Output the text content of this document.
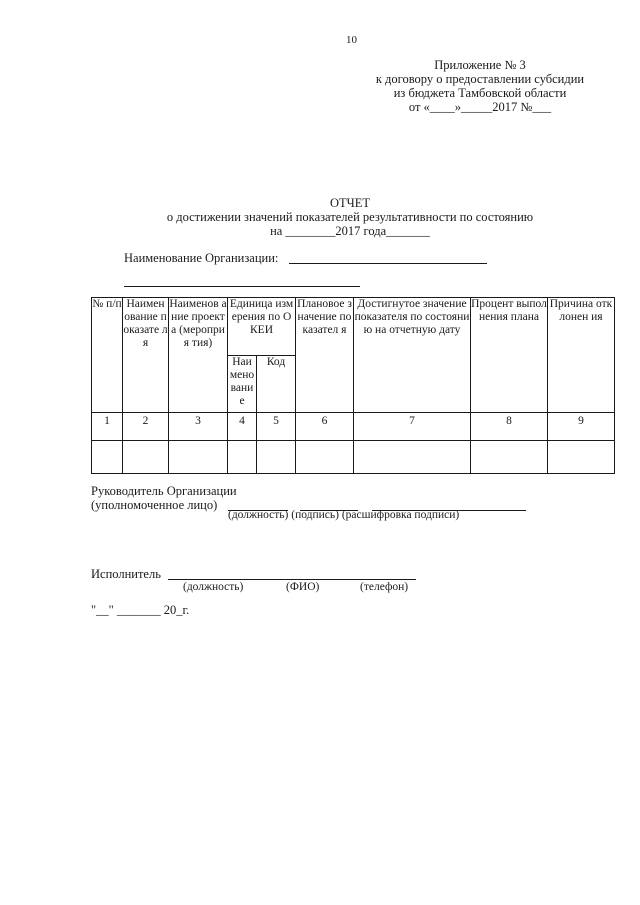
10
Приложение № 3
к договору о предоставлении субсидии
из бюджета Тамбовской области
от «____»_____2017 №___
ОТЧЕТ
о достижении значений показателей результативности по состоянию
на ________2017 года_______
Наименование Организации:
№ п/п	Наимен ование показате ля	Наименов ание проекта (мероприя тия)	Единица измерения по ОКЕИ		Плановое значение показател я	Достигнутое значение показателя по состоянию на отчетную дату	Процент выполнения плана	Причина отклонен ия
			Наи мено вани е	Код				
1	2	3	4	5	6	7	8	9

Руководитель Организации
(уполномоченное лицо)
(должность) (подпись) (расшифровка подписи)
Исполнитель
(должность)	(ФИО)	(телефон)
"__" _______ 20_г.
